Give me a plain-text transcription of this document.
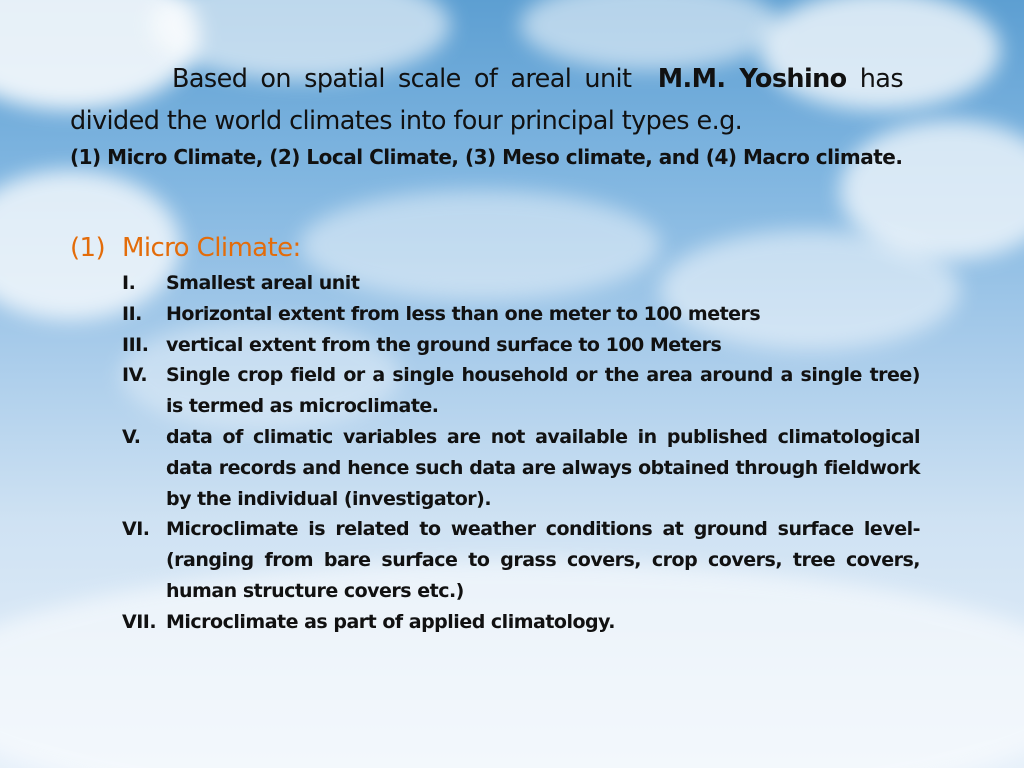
Based on spatial scale of areal unit M.M. Yoshino has divided the world climates into four principal types e.g.
(1) Micro Climate, (2) Local Climate, (3) Meso climate, and (4) Macro climate.

(1) Micro Climate:
I.	Smallest areal unit
II.	Horizontal extent from less than one meter to 100 meters
III. vertical extent from the ground surface to 100 Meters
IV. Single crop field or a single household or the area around a single tree) is termed as microclimate.
V.	data of climatic variables are not available in published climatological data records and hence such data are always obtained through fieldwork by the individual (investigator).
VI. Microclimate is related to weather conditions at ground surface level-(ranging from bare surface to grass covers, crop covers, tree covers, human structure covers etc.)
VII. Microclimate as part of applied climatology.
